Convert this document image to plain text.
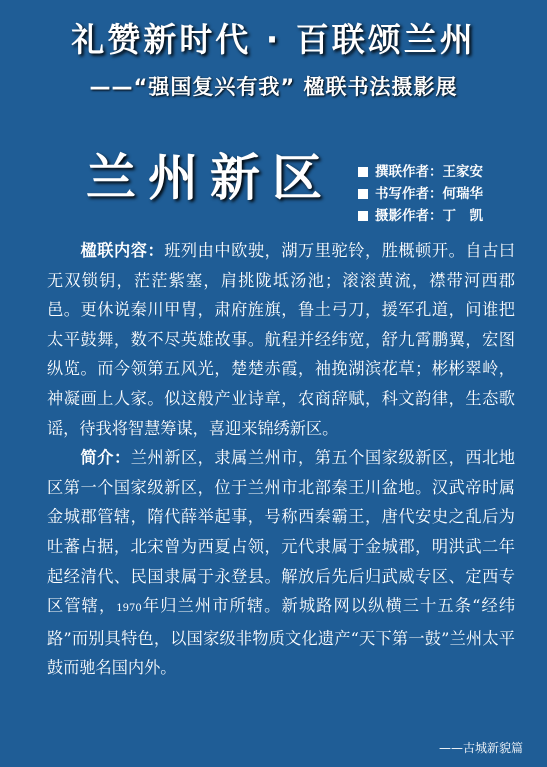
礼赞新时代 · 百联颂兰州
——“强国复兴有我” 楹联书法摄影展
兰州新区	撰联作者：王家安
书写作者：何瑞华
摄影作者：丁　凯

楹联内容：班列由中欧驶，湖万里驼铃，胜概顿开。自古曰无双锁钥，茫茫紫塞，肩挑陇坻汤池；滚滚黄流，襟带河西郡邑。更休说秦川甲胄，肃府旌旗，鲁土弓刀，援军孔道，问谁把太平鼓舞，数不尽英雄故事。航程并经纬宽，舒九霄鹏翼，宏图纵览。而今领第五风光，楚楚赤霞，袖挽湖滨花草；彬彬翠岭，神凝画上人家。似这般产业诗章，农商辞赋，科文韵律，生态歌谣，待我将智慧筹谋，喜迎来锦绣新区。

简介：兰州新区，隶属兰州市，第五个国家级新区，西北地区第一个国家级新区，位于兰州市北部秦王川盆地。汉武帝时属金城郡管辖，隋代薛举起事，号称西秦霸王，唐代安史之乱后为吐蕃占据，北宋曾为西夏占领，元代隶属于金城郡，明洪武二年起经清代、民国隶属于永登县。解放后先后归武威专区、定西专区管辖，1970年归兰州市所辖。新城路网以纵横三十五条“经纬路”而别具特色，以国家级非物质文化遗产“天下第一鼓”兰州太平鼓而驰名国内外。

——古城新貌篇
